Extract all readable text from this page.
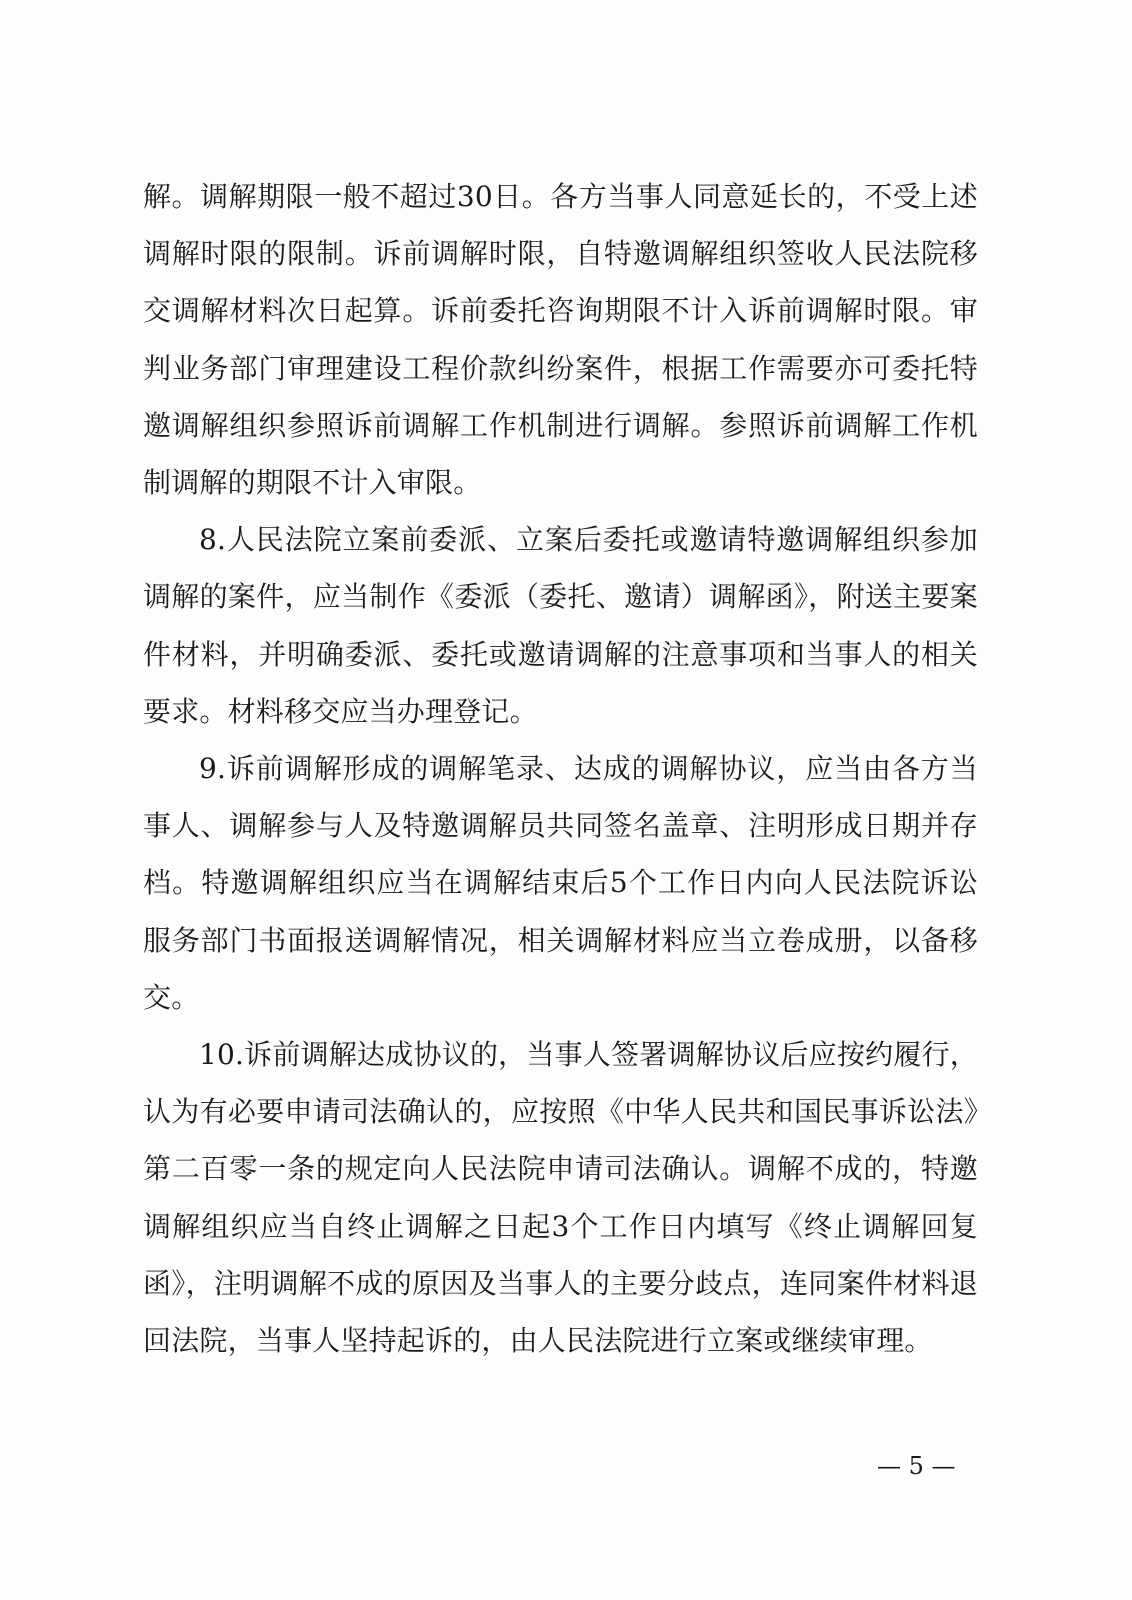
解。调解期限一般不超过30日。各方当事人同意延长的，不受上述调解时限的限制。诉前调解时限，自特邀调解组织签收人民法院移交调解材料次日起算。诉前委托咨询期限不计入诉前调解时限。审判业务部门审理建设工程价款纠纷案件，根据工作需要亦可委托特邀调解组织参照诉前调解工作机制进行调解。参照诉前调解工作机制调解的期限不计入审限。

8.人民法院立案前委派、立案后委托或邀请特邀调解组织参加调解的案件，应当制作《委派（委托、邀请）调解函》，附送主要案件材料，并明确委派、委托或邀请调解的注意事项和当事人的相关要求。材料移交应当办理登记。

9.诉前调解形成的调解笔录、达成的调解协议，应当由各方当事人、调解参与人及特邀调解员共同签名盖章、注明形成日期并存档。特邀调解组织应当在调解结束后5个工作日内向人民法院诉讼服务部门书面报送调解情况，相关调解材料应当立卷成册，以备移交。

10.诉前调解达成协议的，当事人签署调解协议后应按约履行，认为有必要申请司法确认的，应按照《中华人民共和国民事诉讼法》第二百零一条的规定向人民法院申请司法确认。调解不成的，特邀调解组织应当自终止调解之日起3个工作日内填写《终止调解回复函》，注明调解不成的原因及当事人的主要分歧点，连同案件材料退回法院，当事人坚持起诉的，由人民法院进行立案或继续审理。

— 5 —
